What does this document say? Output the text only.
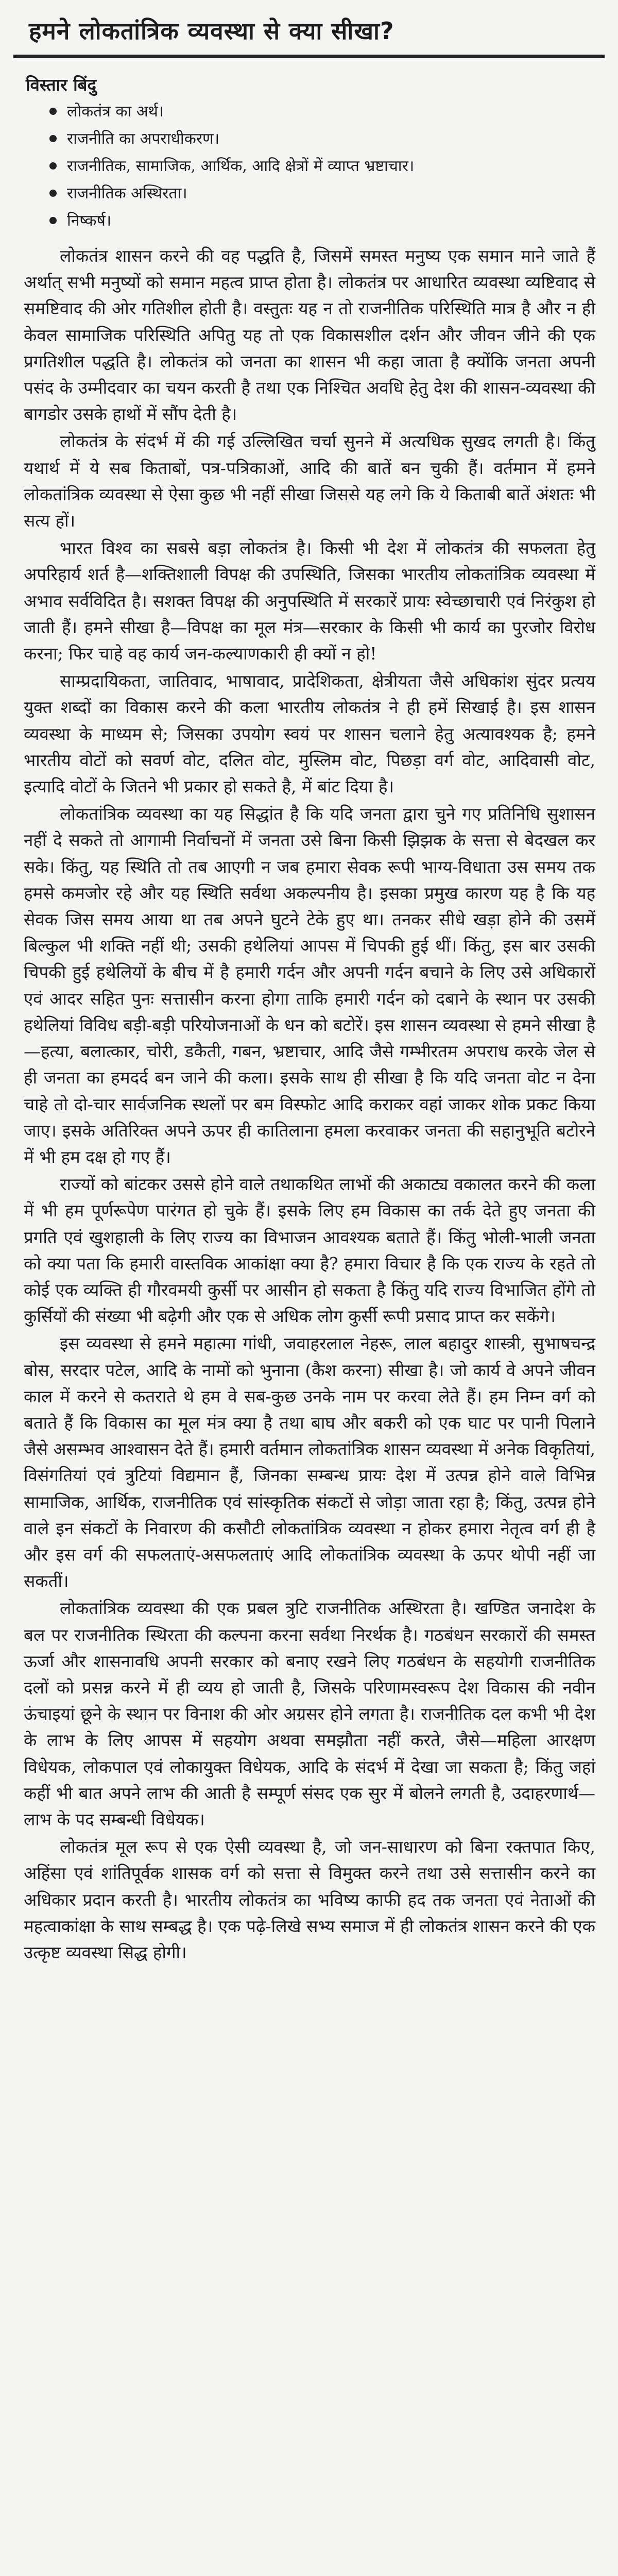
हमने लोकतांत्रिक व्यवस्था से क्या सीखा?
विस्तार बिंदु
लोकतंत्र का अर्थ।
राजनीति का अपराधीकरण।
राजनीतिक, सामाजिक, आर्थिक, आदि क्षेत्रों में व्याप्त भ्रष्टाचार।
राजनीतिक अस्थिरता।
निष्कर्ष।

लोकतंत्र शासन करने की वह पद्धति है, जिसमें समस्त मनुष्य एक समान माने जाते हैं अर्थात् सभी मनुष्यों को समान महत्व प्राप्त होता है। लोकतंत्र पर आधारित व्यवस्था व्यष्टिवाद से समष्टिवाद की ओर गतिशील होती है। वस्तुतः यह न तो राजनीतिक परिस्थिति मात्र है और न ही केवल सामाजिक परिस्थिति अपितु यह तो एक विकासशील दर्शन और जीवन जीने की एक प्रगतिशील पद्धति है। लोकतंत्र को जनता का शासन भी कहा जाता है क्योंकि जनता अपनी पसंद के उम्मीदवार का चयन करती है तथा एक निश्चित अवधि हेतु देश की शासन-व्यवस्था की बागडोर उसके हाथों में सौंप देती है।

लोकतंत्र के संदर्भ में की गई उल्लिखित चर्चा सुनने में अत्यधिक सुखद लगती है। किंतु यथार्थ में ये सब किताबों, पत्र-पत्रिकाओं, आदि की बातें बन चुकी हैं। वर्तमान में हमने लोकतांत्रिक व्यवस्था से ऐसा कुछ भी नहीं सीखा जिससे यह लगे कि ये किताबी बातें अंशतः भी सत्य हों।

भारत विश्व का सबसे बड़ा लोकतंत्र है। किसी भी देश में लोकतंत्र की सफलता हेतु अपरिहार्य शर्त है—शक्तिशाली विपक्ष की उपस्थिति, जिसका भारतीय लोकतांत्रिक व्यवस्था में अभाव सर्वविदित है। सशक्त विपक्ष की अनुपस्थिति में सरकारें प्रायः स्वेच्छाचारी एवं निरंकुश हो जाती हैं। हमने सीखा है—विपक्ष का मूल मंत्र—सरकार के किसी भी कार्य का पुरजोर विरोध करना; फिर चाहे वह कार्य जन-कल्याणकारी ही क्यों न हो!

साम्प्रदायिकता, जातिवाद, भाषावाद, प्रादेशिकता, क्षेत्रीयता जैसे अधिकांश सुंदर प्रत्यय युक्त शब्दों का विकास करने की कला भारतीय लोकतंत्र ने ही हमें सिखाई है। इस शासन व्यवस्था के माध्यम से; जिसका उपयोग स्वयं पर शासन चलाने हेतु अत्यावश्यक है; हमने भारतीय वोटों को सवर्ण वोट, दलित वोट, मुस्लिम वोट, पिछड़ा वर्ग वोट, आदिवासी वोट, इत्यादि वोटों के जितने भी प्रकार हो सकते है, में बांट दिया है।

लोकतांत्रिक व्यवस्था का यह सिद्धांत है कि यदि जनता द्वारा चुने गए प्रतिनिधि सुशासन नहीं दे सकते तो आगामी निर्वाचनों में जनता उसे बिना किसी झिझक के सत्ता से बेदखल कर सके। किंतु, यह स्थिति तो तब आएगी न जब हमारा सेवक रूपी भाग्य-विधाता उस समय तक हमसे कमजोर रहे और यह स्थिति सर्वथा अकल्पनीय है। इसका प्रमुख कारण यह है कि यह सेवक जिस समय आया था तब अपने घुटने टेके हुए था। तनकर सीधे खड़ा होने की उसमें बिल्कुल भी शक्ति नहीं थी; उसकी हथेलियां आपस में चिपकी हुई थीं। किंतु, इस बार उसकी चिपकी हुई हथेलियों के बीच में है हमारी गर्दन और अपनी गर्दन बचाने के लिए उसे अधिकारों एवं आदर सहित पुनः सत्तासीन करना होगा ताकि हमारी गर्दन को दबाने के स्थान पर उसकी हथेलियां विविध बड़ी-बड़ी परियोजनाओं के धन को बटोरें। इस शासन व्यवस्था से हमने सीखा है—हत्या, बलात्कार, चोरी, डकैती, गबन, भ्रष्टाचार, आदि जैसे गम्भीरतम अपराध करके जेल से ही जनता का हमदर्द बन जाने की कला। इसके साथ ही सीखा है कि यदि जनता वोट न देना चाहे तो दो-चार सार्वजनिक स्थलों पर बम विस्फोट आदि कराकर वहां जाकर शोक प्रकट किया जाए। इसके अतिरिक्त अपने ऊपर ही कातिलाना हमला करवाकर जनता की सहानुभूति बटोरने में भी हम दक्ष हो गए हैं।

राज्यों को बांटकर उससे होने वाले तथाकथित लाभों की अकाट्य वकालत करने की कला में भी हम पूर्णरूपेण पारंगत हो चुके हैं। इसके लिए हम विकास का तर्क देते हुए जनता की प्रगति एवं खुशहाली के लिए राज्य का विभाजन आवश्यक बताते हैं। किंतु भोली-भाली जनता को क्या पता कि हमारी वास्तविक आकांक्षा क्या है? हमारा विचार है कि एक राज्य के रहते तो कोई एक व्यक्ति ही गौरवमयी कुर्सी पर आसीन हो सकता है किंतु यदि राज्य विभाजित होंगे तो कुर्सियों की संख्या भी बढ़ेगी और एक से अधिक लोग कुर्सी रूपी प्रसाद प्राप्त कर सकेंगे।

इस व्यवस्था से हमने महात्मा गांधी, जवाहरलाल नेहरू, लाल बहादुर शास्त्री, सुभाषचन्द्र बोस, सरदार पटेल, आदि के नामों को भुनाना (कैश करना) सीखा है। जो कार्य वे अपने जीवन काल में करने से कतराते थे हम वे सब-कुछ उनके नाम पर करवा लेते हैं। हम निम्न वर्ग को बताते हैं कि विकास का मूल मंत्र क्या है तथा बाघ और बकरी को एक घाट पर पानी पिलाने जैसे असम्भव आश्वासन देते हैं। हमारी वर्तमान लोकतांत्रिक शासन व्यवस्था में अनेक विकृतियां, विसंगतियां एवं त्रुटियां विद्यमान हैं, जिनका सम्बन्ध प्रायः देश में उत्पन्न होने वाले विभिन्न सामाजिक, आर्थिक, राजनीतिक एवं सांस्कृतिक संकटों से जोड़ा जाता रहा है; किंतु, उत्पन्न होने वाले इन संकटों के निवारण की कसौटी लोकतांत्रिक व्यवस्था न होकर हमारा नेतृत्व वर्ग ही है और इस वर्ग की सफलताएं-असफलताएं आदि लोकतांत्रिक व्यवस्था के ऊपर थोपी नहीं जा सकतीं।

लोकतांत्रिक व्यवस्था की एक प्रबल त्रुटि राजनीतिक अस्थिरता है। खण्डित जनादेश के बल पर राजनीतिक स्थिरता की कल्पना करना सर्वथा निरर्थक है। गठबंधन सरकारों की समस्त ऊर्जा और शासनावधि अपनी सरकार को बनाए रखने लिए गठबंधन के सहयोगी राजनीतिक दलों को प्रसन्न करने में ही व्यय हो जाती है, जिसके परिणामस्वरूप देश विकास की नवीन ऊंचाइयां छूने के स्थान पर विनाश की ओर अग्रसर होने लगता है। राजनीतिक दल कभी भी देश के लाभ के लिए आपस में सहयोग अथवा समझौता नहीं करते, जैसे—महिला आरक्षण विधेयक, लोकपाल एवं लोकायुक्त विधेयक, आदि के संदर्भ में देखा जा सकता है; किंतु जहां कहीं भी बात अपने लाभ की आती है सम्पूर्ण संसद एक सुर में बोलने लगती है, उदाहरणार्थ—लाभ के पद सम्बन्धी विधेयक।

लोकतंत्र मूल रूप से एक ऐसी व्यवस्था है, जो जन-साधारण को बिना रक्तपात किए, अहिंसा एवं शांतिपूर्वक शासक वर्ग को सत्ता से विमुक्त करने तथा उसे सत्तासीन करने का अधिकार प्रदान करती है। भारतीय लोकतंत्र का भविष्य काफी हद तक जनता एवं नेताओं की महत्वाकांक्षा के साथ सम्बद्ध है। एक पढ़े-लिखे सभ्य समाज में ही लोकतंत्र शासन करने की एक उत्कृष्ट व्यवस्था सिद्ध होगी।
